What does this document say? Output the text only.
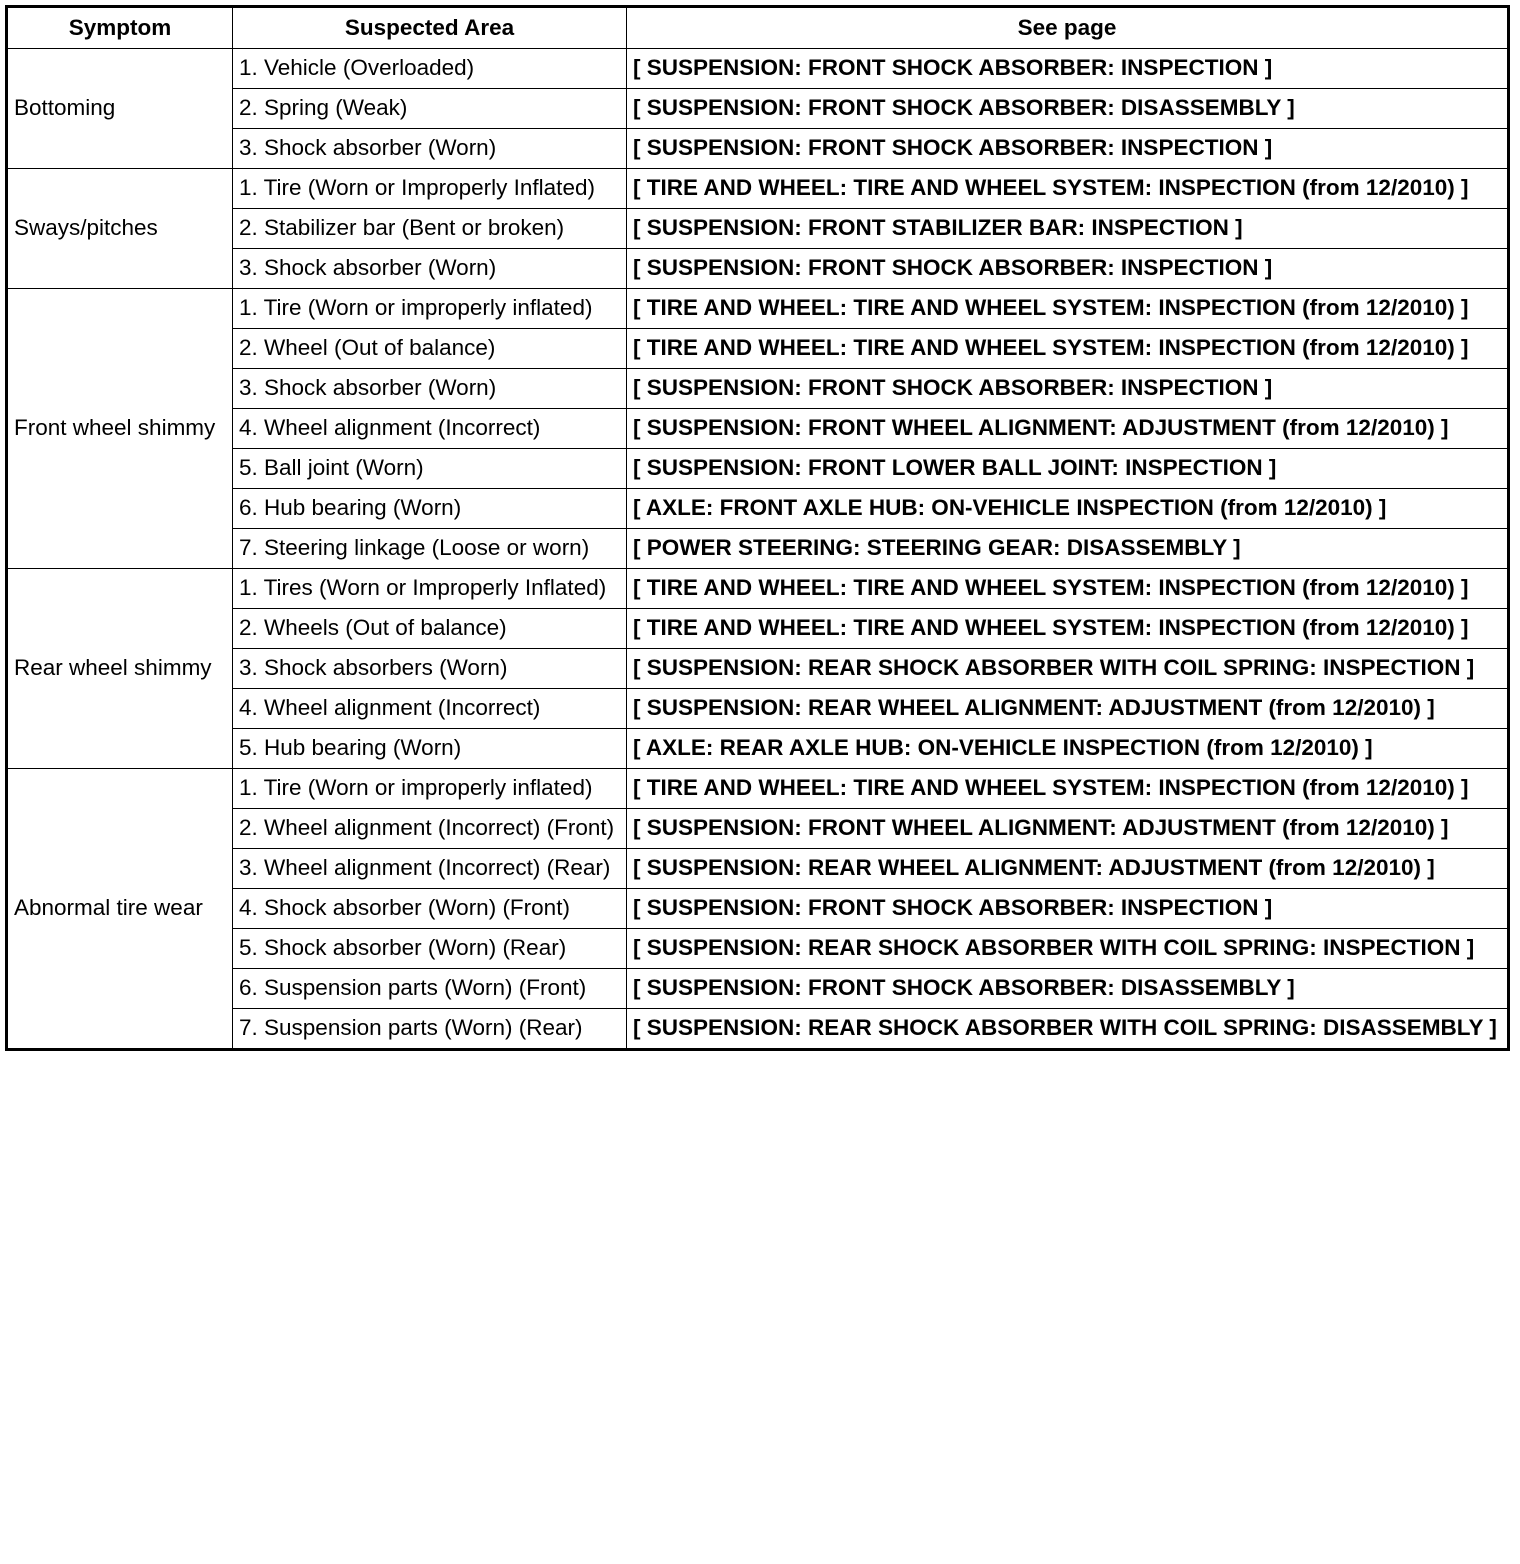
Symptom	Suspected Area	See page
Bottoming	1. Vehicle (Overloaded)	[ SUSPENSION: FRONT SHOCK ABSORBER: INSPECTION ]
	2. Spring (Weak)	[ SUSPENSION: FRONT SHOCK ABSORBER: DISASSEMBLY ]
	3. Shock absorber (Worn)	[ SUSPENSION: FRONT SHOCK ABSORBER: INSPECTION ]
Sways/pitches	1. Tire (Worn or Improperly Inflated)	[ TIRE AND WHEEL: TIRE AND WHEEL SYSTEM: INSPECTION (from 12/2010) ]
	2. Stabilizer bar (Bent or broken)	[ SUSPENSION: FRONT STABILIZER BAR: INSPECTION ]
	3. Shock absorber (Worn)	[ SUSPENSION: FRONT SHOCK ABSORBER: INSPECTION ]
Front wheel shimmy	1. Tire (Worn or improperly inflated)	[ TIRE AND WHEEL: TIRE AND WHEEL SYSTEM: INSPECTION (from 12/2010) ]
	2. Wheel (Out of balance)	[ TIRE AND WHEEL: TIRE AND WHEEL SYSTEM: INSPECTION (from 12/2010) ]
	3. Shock absorber (Worn)	[ SUSPENSION: FRONT SHOCK ABSORBER: INSPECTION ]
	4. Wheel alignment (Incorrect)	[ SUSPENSION: FRONT WHEEL ALIGNMENT: ADJUSTMENT (from 12/2010) ]
	5. Ball joint (Worn)	[ SUSPENSION: FRONT LOWER BALL JOINT: INSPECTION ]
	6. Hub bearing (Worn)	[ AXLE: FRONT AXLE HUB: ON-VEHICLE INSPECTION (from 12/2010) ]
	7. Steering linkage (Loose or worn)	[ POWER STEERING: STEERING GEAR: DISASSEMBLY ]
Rear wheel shimmy	1. Tires (Worn or Improperly Inflated)	[ TIRE AND WHEEL: TIRE AND WHEEL SYSTEM: INSPECTION (from 12/2010) ]
	2. Wheels (Out of balance)	[ TIRE AND WHEEL: TIRE AND WHEEL SYSTEM: INSPECTION (from 12/2010) ]
	3. Shock absorbers (Worn)	[ SUSPENSION: REAR SHOCK ABSORBER WITH COIL SPRING: INSPECTION ]
	4. Wheel alignment (Incorrect)	[ SUSPENSION: REAR WHEEL ALIGNMENT: ADJUSTMENT (from 12/2010) ]
	5. Hub bearing (Worn)	[ AXLE: REAR AXLE HUB: ON-VEHICLE INSPECTION (from 12/2010) ]
Abnormal tire wear	1. Tire (Worn or improperly inflated)	[ TIRE AND WHEEL: TIRE AND WHEEL SYSTEM: INSPECTION (from 12/2010) ]
	2. Wheel alignment (Incorrect) (Front)	[ SUSPENSION: FRONT WHEEL ALIGNMENT: ADJUSTMENT (from 12/2010) ]
	3. Wheel alignment (Incorrect) (Rear)	[ SUSPENSION: REAR WHEEL ALIGNMENT: ADJUSTMENT (from 12/2010) ]
	4. Shock absorber (Worn) (Front)	[ SUSPENSION: FRONT SHOCK ABSORBER: INSPECTION ]
	5. Shock absorber (Worn) (Rear)	[ SUSPENSION: REAR SHOCK ABSORBER WITH COIL SPRING: INSPECTION ]
	6. Suspension parts (Worn) (Front)	[ SUSPENSION: FRONT SHOCK ABSORBER: DISASSEMBLY ]
	7. Suspension parts (Worn) (Rear)	[ SUSPENSION: REAR SHOCK ABSORBER WITH COIL SPRING: DISASSEMBLY ]
